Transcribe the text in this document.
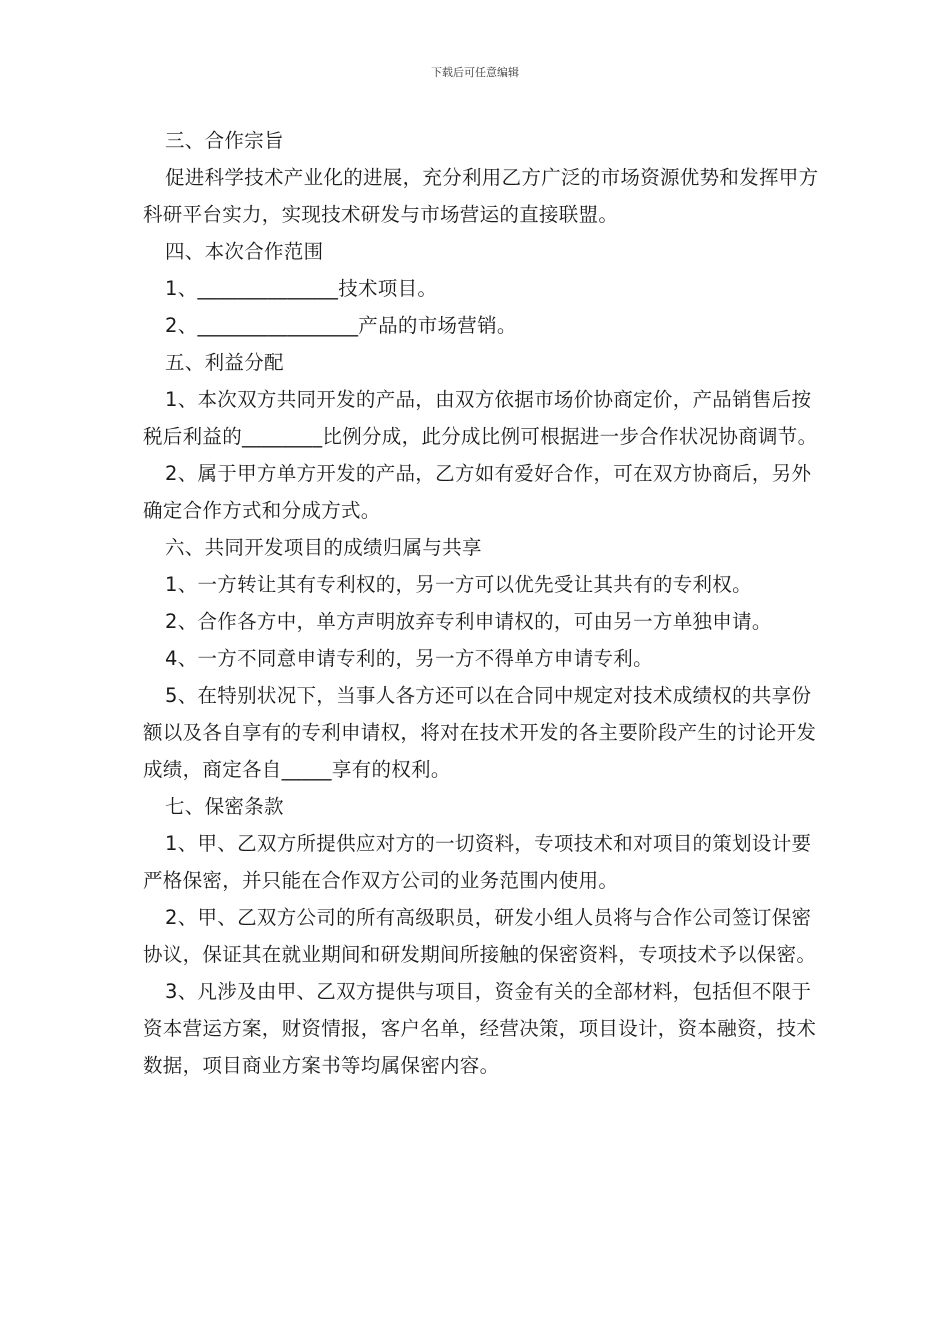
下载后可任意编辑

三、合作宗旨

促进科学技术产业化的进展，充分利用乙方广泛的市场资源优势和发挥甲方科研平台实力，实现技术研发与市场营运的直接联盟。

四、本次合作范围

1、______________技术项目。

2、________________产品的市场营销。

五、利益分配

1、本次双方共同开发的产品，由双方依据市场价协商定价，产品销售后按税后利益的________比例分成，此分成比例可根据进一步合作状况协商调节。

2、属于甲方单方开发的产品，乙方如有爱好合作，可在双方协商后，另外确定合作方式和分成方式。

六、共同开发项目的成绩归属与共享

1、一方转让其有专利权的，另一方可以优先受让其共有的专利权。

2、合作各方中，单方声明放弃专利申请权的，可由另一方单独申请。

4、一方不同意申请专利的，另一方不得单方申请专利。

5、在特别状况下，当事人各方还可以在合同中规定对技术成绩权的共享份额以及各自享有的专利申请权，将对在技术开发的各主要阶段产生的讨论开发成绩，商定各自_____享有的权利。

七、保密条款

1、甲、乙双方所提供应对方的一切资料，专项技术和对项目的策划设计要严格保密，并只能在合作双方公司的业务范围内使用。

2、甲、乙双方公司的所有高级职员，研发小组人员将与合作公司签订保密协议，保证其在就业期间和研发期间所接触的保密资料，专项技术予以保密。

3、凡涉及由甲、乙双方提供与项目，资金有关的全部材料，包括但不限于资本营运方案，财资情报，客户名单，经营决策，项目设计，资本融资，技术数据，项目商业方案书等均属保密内容。
